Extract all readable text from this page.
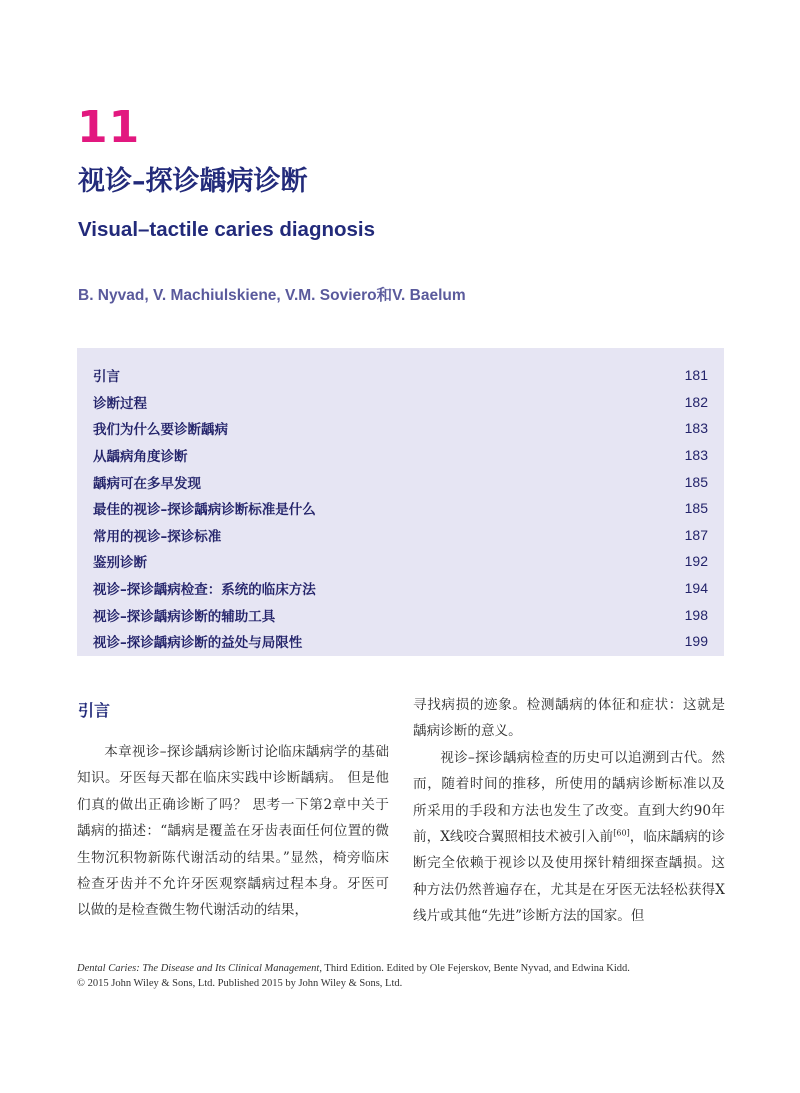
11
视诊–探诊龋病诊断
Visual–tactile caries diagnosis
B. Nyvad, V. Machiulskiene, V.M. Soviero和V. Baelum
引言	181
诊断过程	182
我们为什么要诊断龋病	183
从龋病角度诊断	183
龋病可在多早发现	185
最佳的视诊–探诊龋病诊断标准是什么	185
常用的视诊–探诊标准	187
鉴别诊断	192
视诊–探诊龋病检查：系统的临床方法	194
视诊–探诊龋病诊断的辅助工具	198
视诊–探诊龋病诊断的益处与局限性	199
引言

本章视诊–探诊龋病诊断讨论临床龋病学的基础知识。牙医每天都在临床实践中诊断龋病。 但是他们真的做出正确诊断了吗？ 思考一下第2章中关于龋病的描述：“龋病是覆盖在牙齿表面任何位置的微生物沉积物新陈代谢活动的结果。”显然，椅旁临床检查牙齿并不允许牙医观察龋病过程本身。牙医可以做的是检查微生物代谢活动的结果，

寻找病损的迹象。检测龋病的体征和症状：这就是龋病诊断的意义。

视诊–探诊龋病检查的历史可以追溯到古代。然而，随着时间的推移，所使用的龋病诊断标准以及所采用的手段和方法也发生了改变。直到大约90年前，X线咬合翼照相技术被引入前[60]，临床龋病的诊断完全依赖于视诊以及使用探针精细探查龋损。这种方法仍然普遍存在，尤其是在牙医无法轻松获得X线片或其他“先进”诊断方法的国家。但

Dental Caries: The Disease and Its Clinical Management, Third Edition. Edited by Ole Fejerskov, Bente Nyvad, and Edwina Kidd.
© 2015 John Wiley & Sons, Ltd. Published 2015 by John Wiley & Sons, Ltd.
